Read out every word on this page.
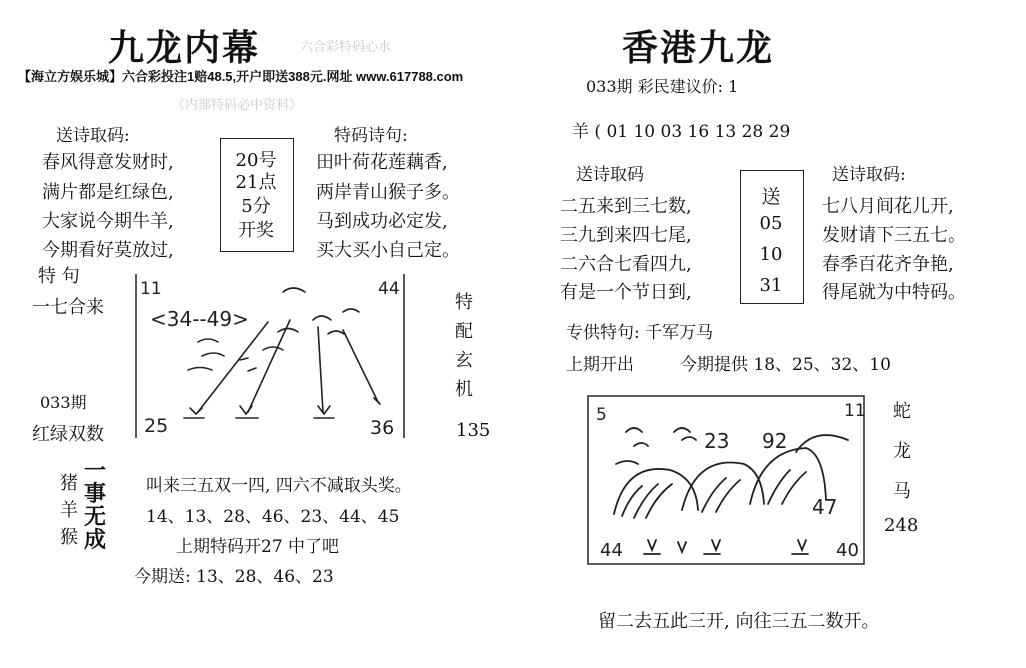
九龙内幕	六合彩特码心水
【海立方娱乐城】六合彩投注1赔48.5,开户即送388元.网址 www.617788.com
《内部特码必中资料》
送诗取码:
春风得意发财时,
满片都是红绿色,
大家说今期牛羊,
今期看好莫放过,
20号
21点
5分
开奖
特码诗句:
田叶荷花莲藕香,
两岸青山猴子多。
马到成功必定发,
买大买小自己定。
特 句
一七合来
033期
红绿双数
11	44
25	36
<34--49>
特
配
玄
机
135
猪
羊
猴
一
事
无
成
叫来三五双一四, 四六不减取头奖。
14、13、28、46、23、44、45
上期特码开27 中了吧
今期送: 13、28、46、23
香港九龙
033期 彩民建议价: 1
羊 ( 01 10 03 16 13 28 29
送诗取码
二五来到三七数,
三九到来四七尾,
二六合七看四九,
有是一个节日到,
送
05
10
31
送诗取码:
七八月间花儿开,
发财请下三五七。
春季百花齐争艳,
得尾就为中特码。
专供特句: 千军万马
上期开出	今期提供 18、25、32、10
5	11
44	40
23 92
47
蛇
龙
马
248
留二去五此三开, 向往三五二数开。
